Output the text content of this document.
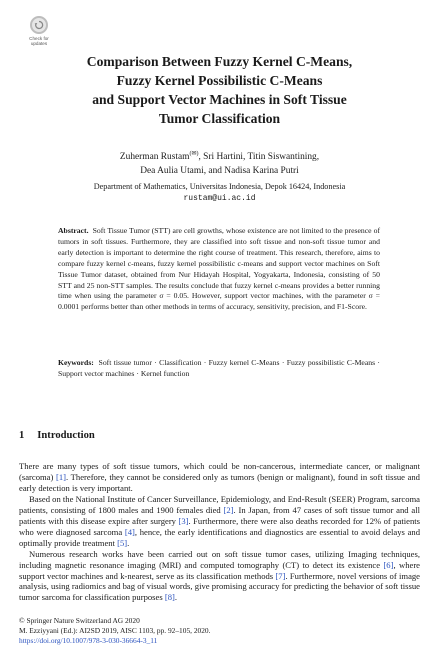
Check for
updates
Comparison Between Fuzzy Kernel C-Means,
Fuzzy Kernel Possibilistic C-Means
and Support Vector Machines in Soft Tissue
Tumor Classification
Zuherman Rustam(✉), Sri Hartini, Titin Siswantining,
Dea Aulia Utami, and Nadisa Karina Putri
Department of Mathematics, Universitas Indonesia, Depok 16424, Indonesia
rustam@ui.ac.id

Abstract. Soft Tissue Tumor (STT) are cell growths, whose existence are not limited to the presence of tumors in soft tissues. Furthermore, they are classified into soft tissue and non-soft tissue tumor and early detection is important to determine the right course of treatment. This research, therefore, aims to compare fuzzy kernel c-means, fuzzy kernel possibilistic c-means and support vector machines on Soft Tissue Tumor dataset, obtained from Nur Hidayah Hospital, Yogyakarta, Indonesia, consisting of 50 STT and 25 non-STT samples. The results conclude that fuzzy kernel c-means provides a better running time when using the parameter σ = 0.05. However, support vector machines, with the parameter σ = 0.0001 performs better than other methods in terms of accuracy, sensitivity, precision, and F1-Score.

Keywords: Soft tissue tumor · Classification · Fuzzy kernel C-Means · Fuzzy possibilistic C-Means · Support vector machines · Kernel function

1 Introduction

There are many types of soft tissue tumors, which could be non-cancerous, intermediate cancer, or malignant (sarcoma) [1]. Therefore, they cannot be considered only as tumors (benign or malignant), found in soft tissue and early detection is very important.

Based on the National Institute of Cancer Surveillance, Epidemiology, and End-Result (SEER) Program, sarcoma patients, consisting of 1800 males and 1900 females died [2]. In Japan, from 47 cases of soft tissue tumor and all patients with this disease expire after surgery [3]. Furthermore, there were also deaths recorded for 12% of patients who were diagnosed sarcoma [4], hence, the early identifications and diagnostics are essential to avoid delays and optimally provide treatment [5].

Numerous research works have been carried out on soft tissue tumor cases, utilizing Imaging techniques, including magnetic resonance imaging (MRI) and computed tomography (CT) to detect its existence [6], where support vector machines and k-nearest, serve as its classification methods [7]. Furthermore, novel versions of image analysis, using radiomics and bag of visual words, give promising accuracy for predicting the behavior of soft tissue tumor sarcoma for classification purposes [8].

© Springer Nature Switzerland AG 2020
M. Ezziyyani (Ed.): AI2SD 2019, AISC 1103, pp. 92–105, 2020.
https://doi.org/10.1007/978-3-030-36664-3_11
